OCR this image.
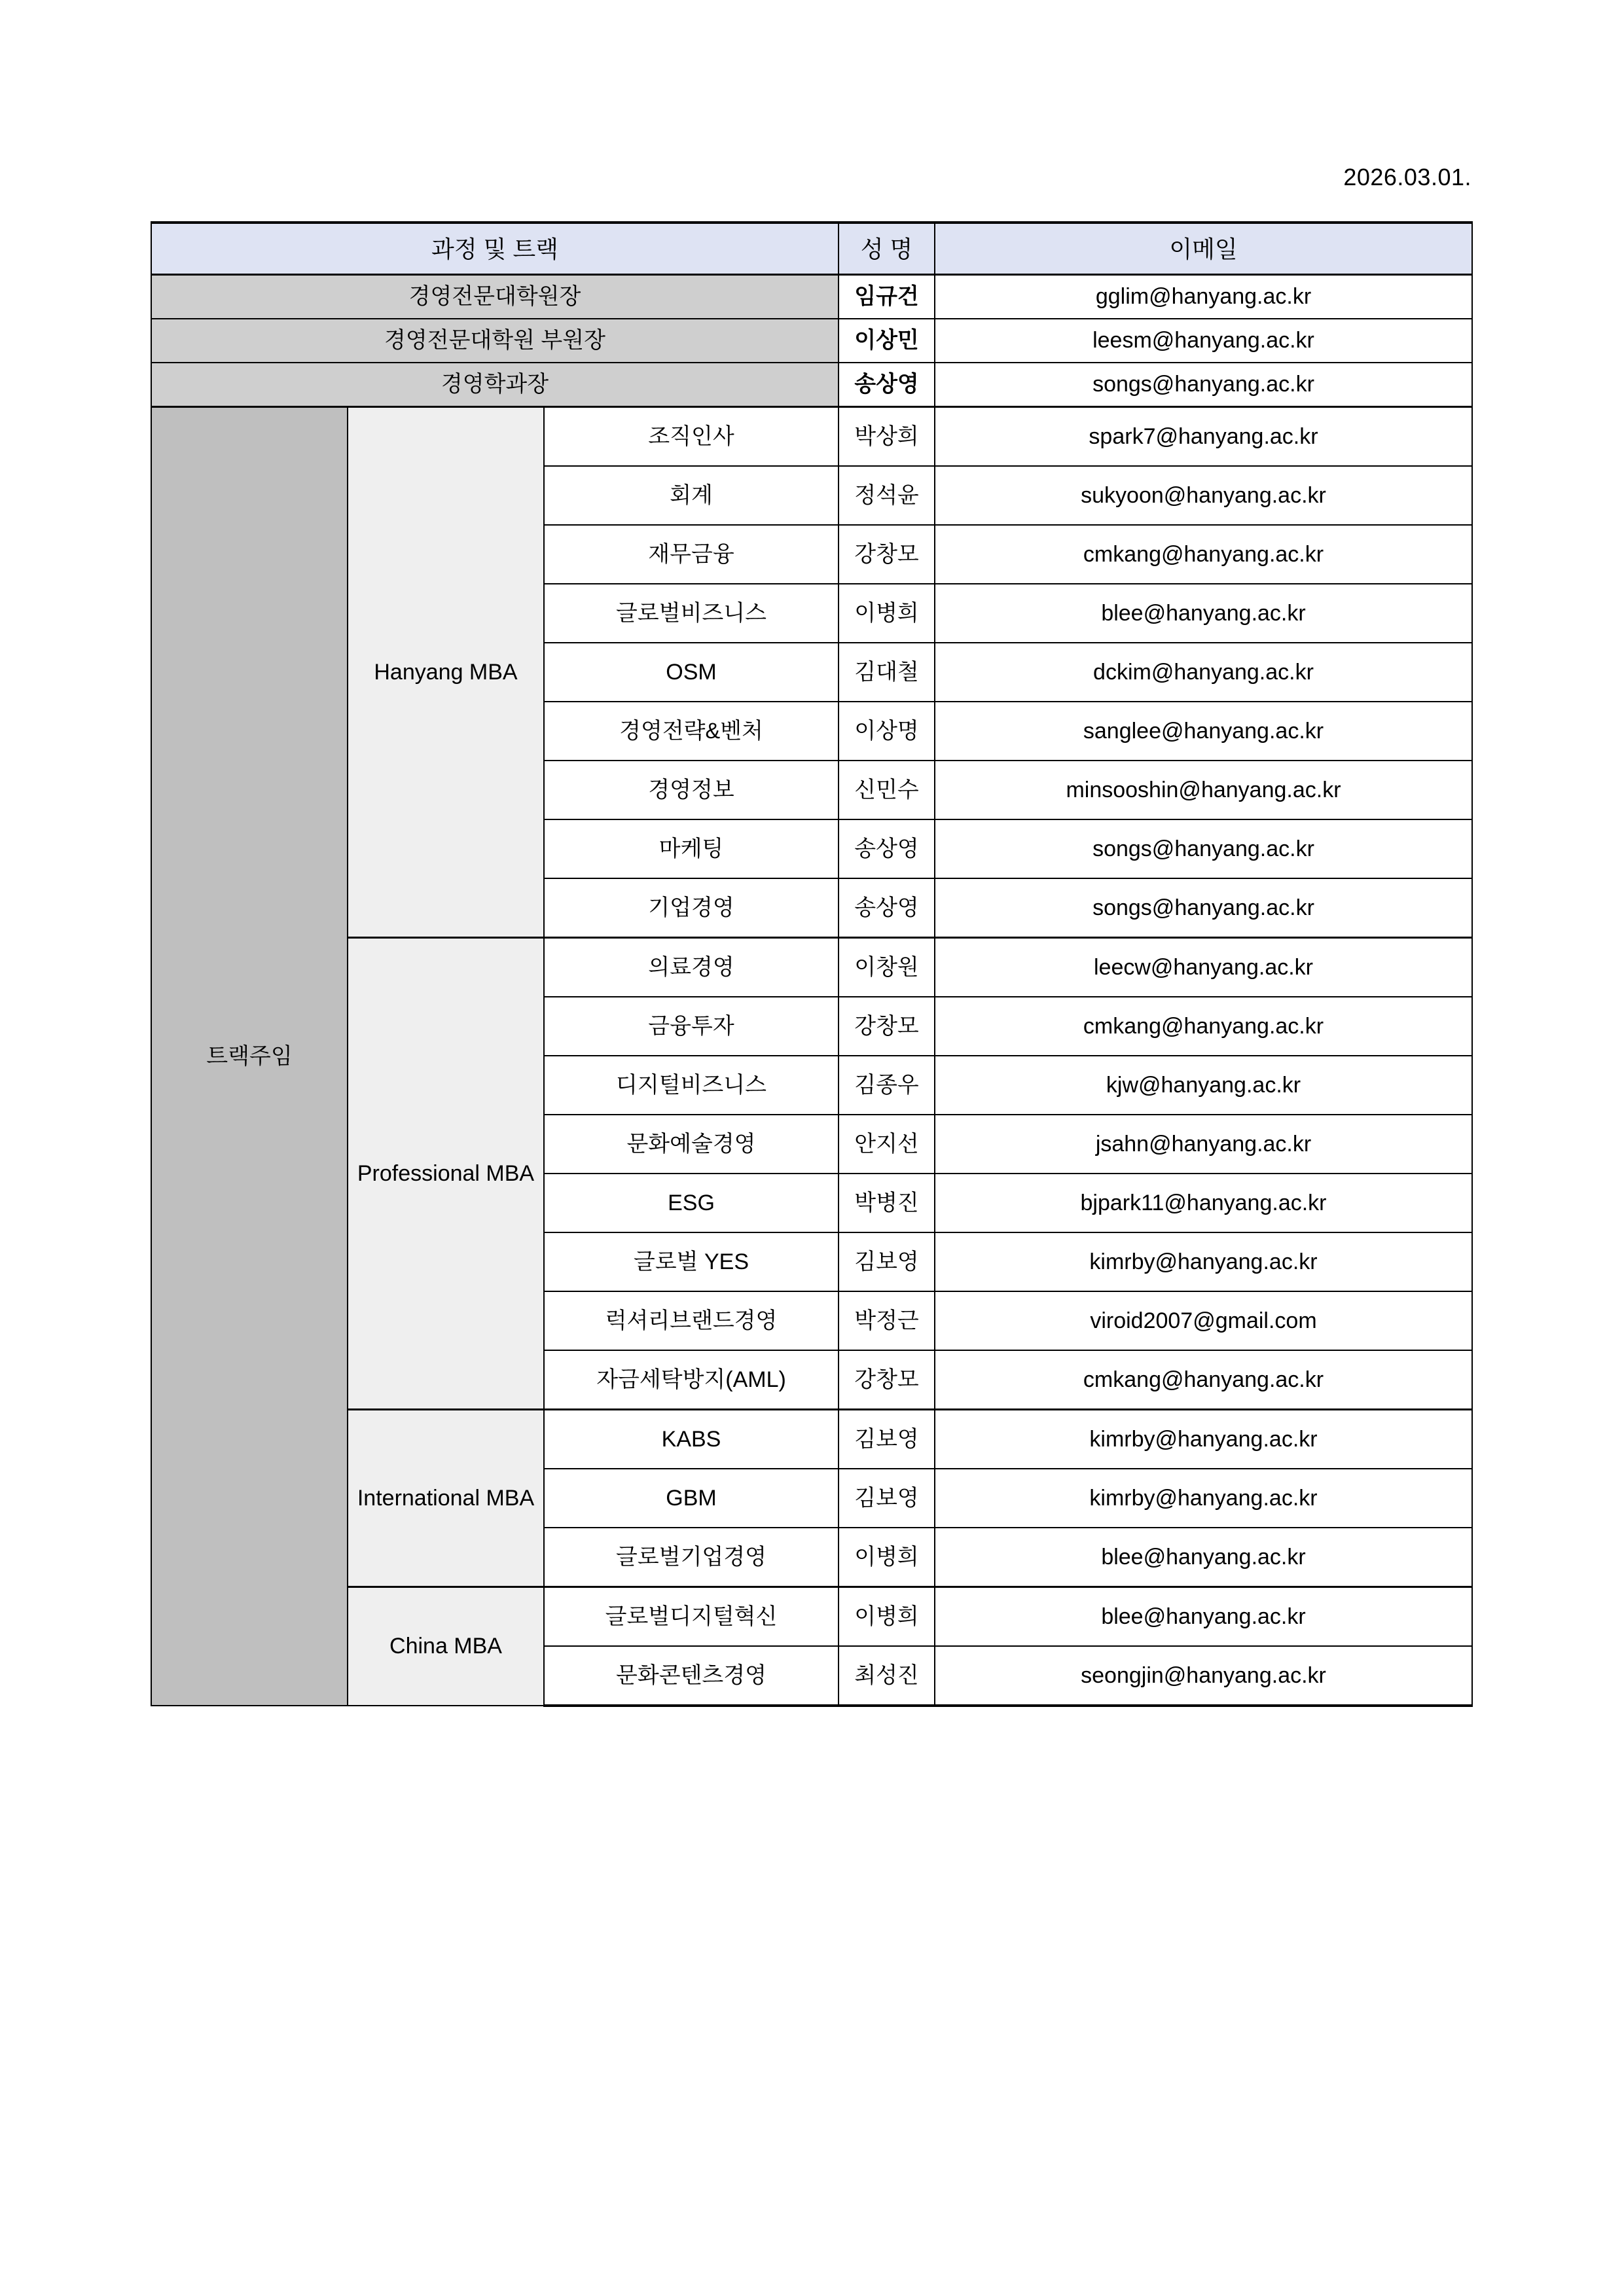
2026.03.01.
과정 및 트랙			성 명	이메일
경영전문대학원장			임규건	gglim@hanyang.ac.kr
경영전문대학원 부원장			이상민	leesm@hanyang.ac.kr
경영학과장			송상영	songs@hanyang.ac.kr
트랙주임	Hanyang MBA	조직인사	박상희	spark7@hanyang.ac.kr
		회계	정석윤	sukyoon@hanyang.ac.kr
		재무금융	강창모	cmkang@hanyang.ac.kr
		글로벌비즈니스	이병희	blee@hanyang.ac.kr
		OSM	김대철	dckim@hanyang.ac.kr
		경영전략&벤처	이상명	sanglee@hanyang.ac.kr
		경영정보	신민수	minsooshin@hanyang.ac.kr
		마케팅	송상영	songs@hanyang.ac.kr
		기업경영	송상영	songs@hanyang.ac.kr
	Professional MBA	의료경영	이창원	leecw@hanyang.ac.kr
		금융투자	강창모	cmkang@hanyang.ac.kr
		디지털비즈니스	김종우	kjw@hanyang.ac.kr
		문화예술경영	안지선	jsahn@hanyang.ac.kr
		ESG	박병진	bjpark11@hanyang.ac.kr
		글로벌 YES	김보영	kimrby@hanyang.ac.kr
		럭셔리브랜드경영	박정근	viroid2007@gmail.com
		자금세탁방지(AML)	강창모	cmkang@hanyang.ac.kr
	International MBA	KABS	김보영	kimrby@hanyang.ac.kr
		GBM	김보영	kimrby@hanyang.ac.kr
		글로벌기업경영	이병희	blee@hanyang.ac.kr
	China MBA	글로벌디지털혁신	이병희	blee@hanyang.ac.kr
		문화콘텐츠경영	최성진	seongjin@hanyang.ac.kr
